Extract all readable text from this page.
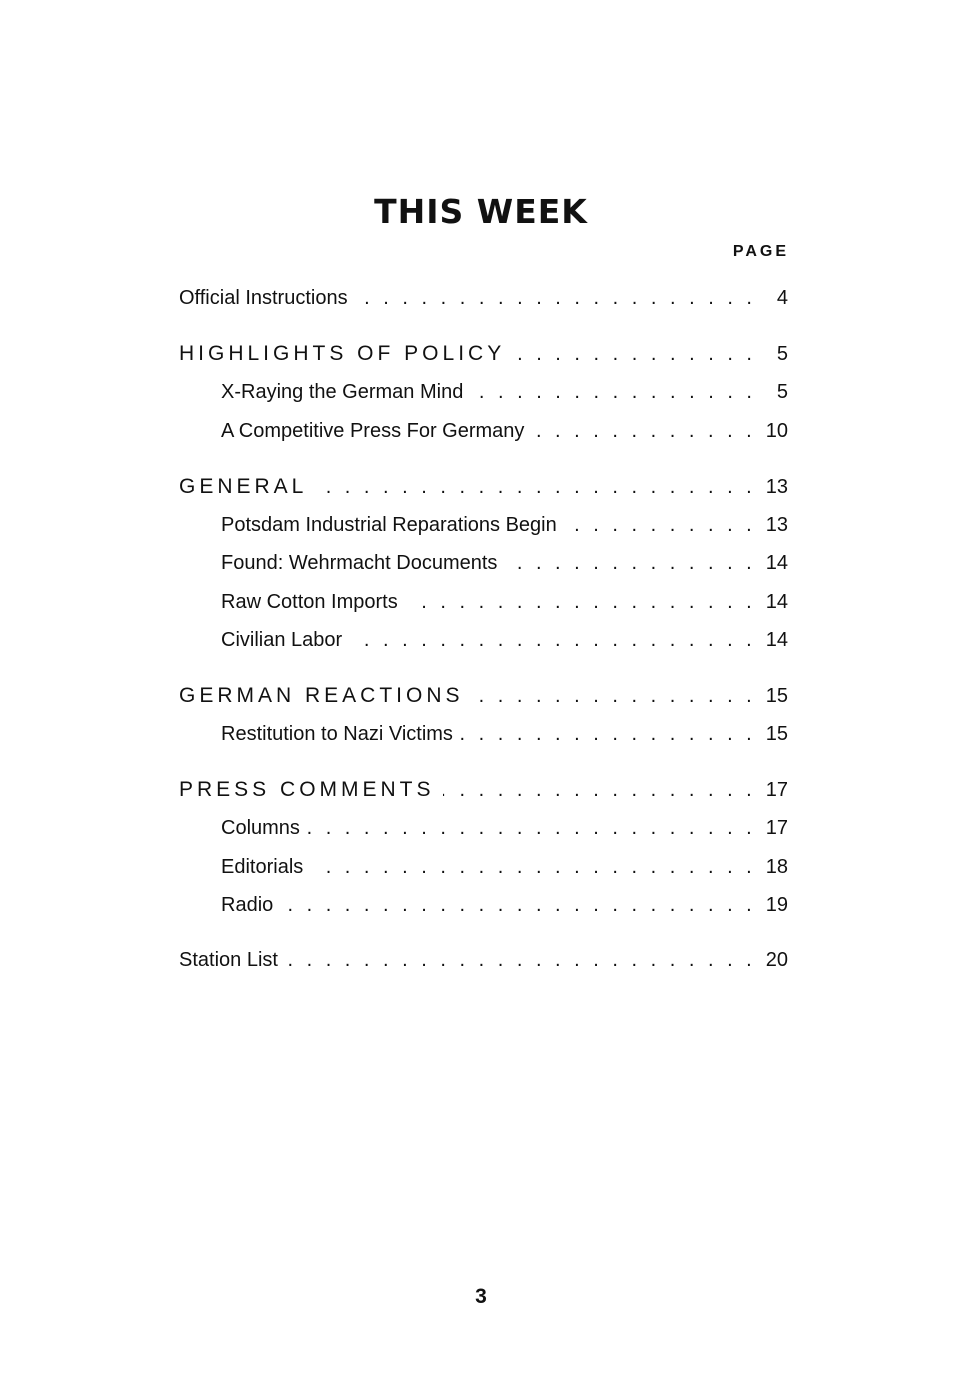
THIS WEEK
PAGE
Official Instructions . . .	4
HIGHLIGHTS OF POLICY . . .	5
X-Raying the German Mind . . .	5
A Competitive Press For Germany . . .	10
GENERAL . . .	13
Potsdam Industrial Reparations Begin . . .	13
Found: Wehrmacht Documents . . .	14
Raw Cotton Imports . . .	14
Civilian Labor . . .	14
GERMAN REACTIONS . . .	15
Restitution to Nazi Victims . . .	15
PRESS COMMENTS . . .	17
Columns . . .	17
Editorials . . .	18
Radio . . .	19
Station List . . .	20
3
